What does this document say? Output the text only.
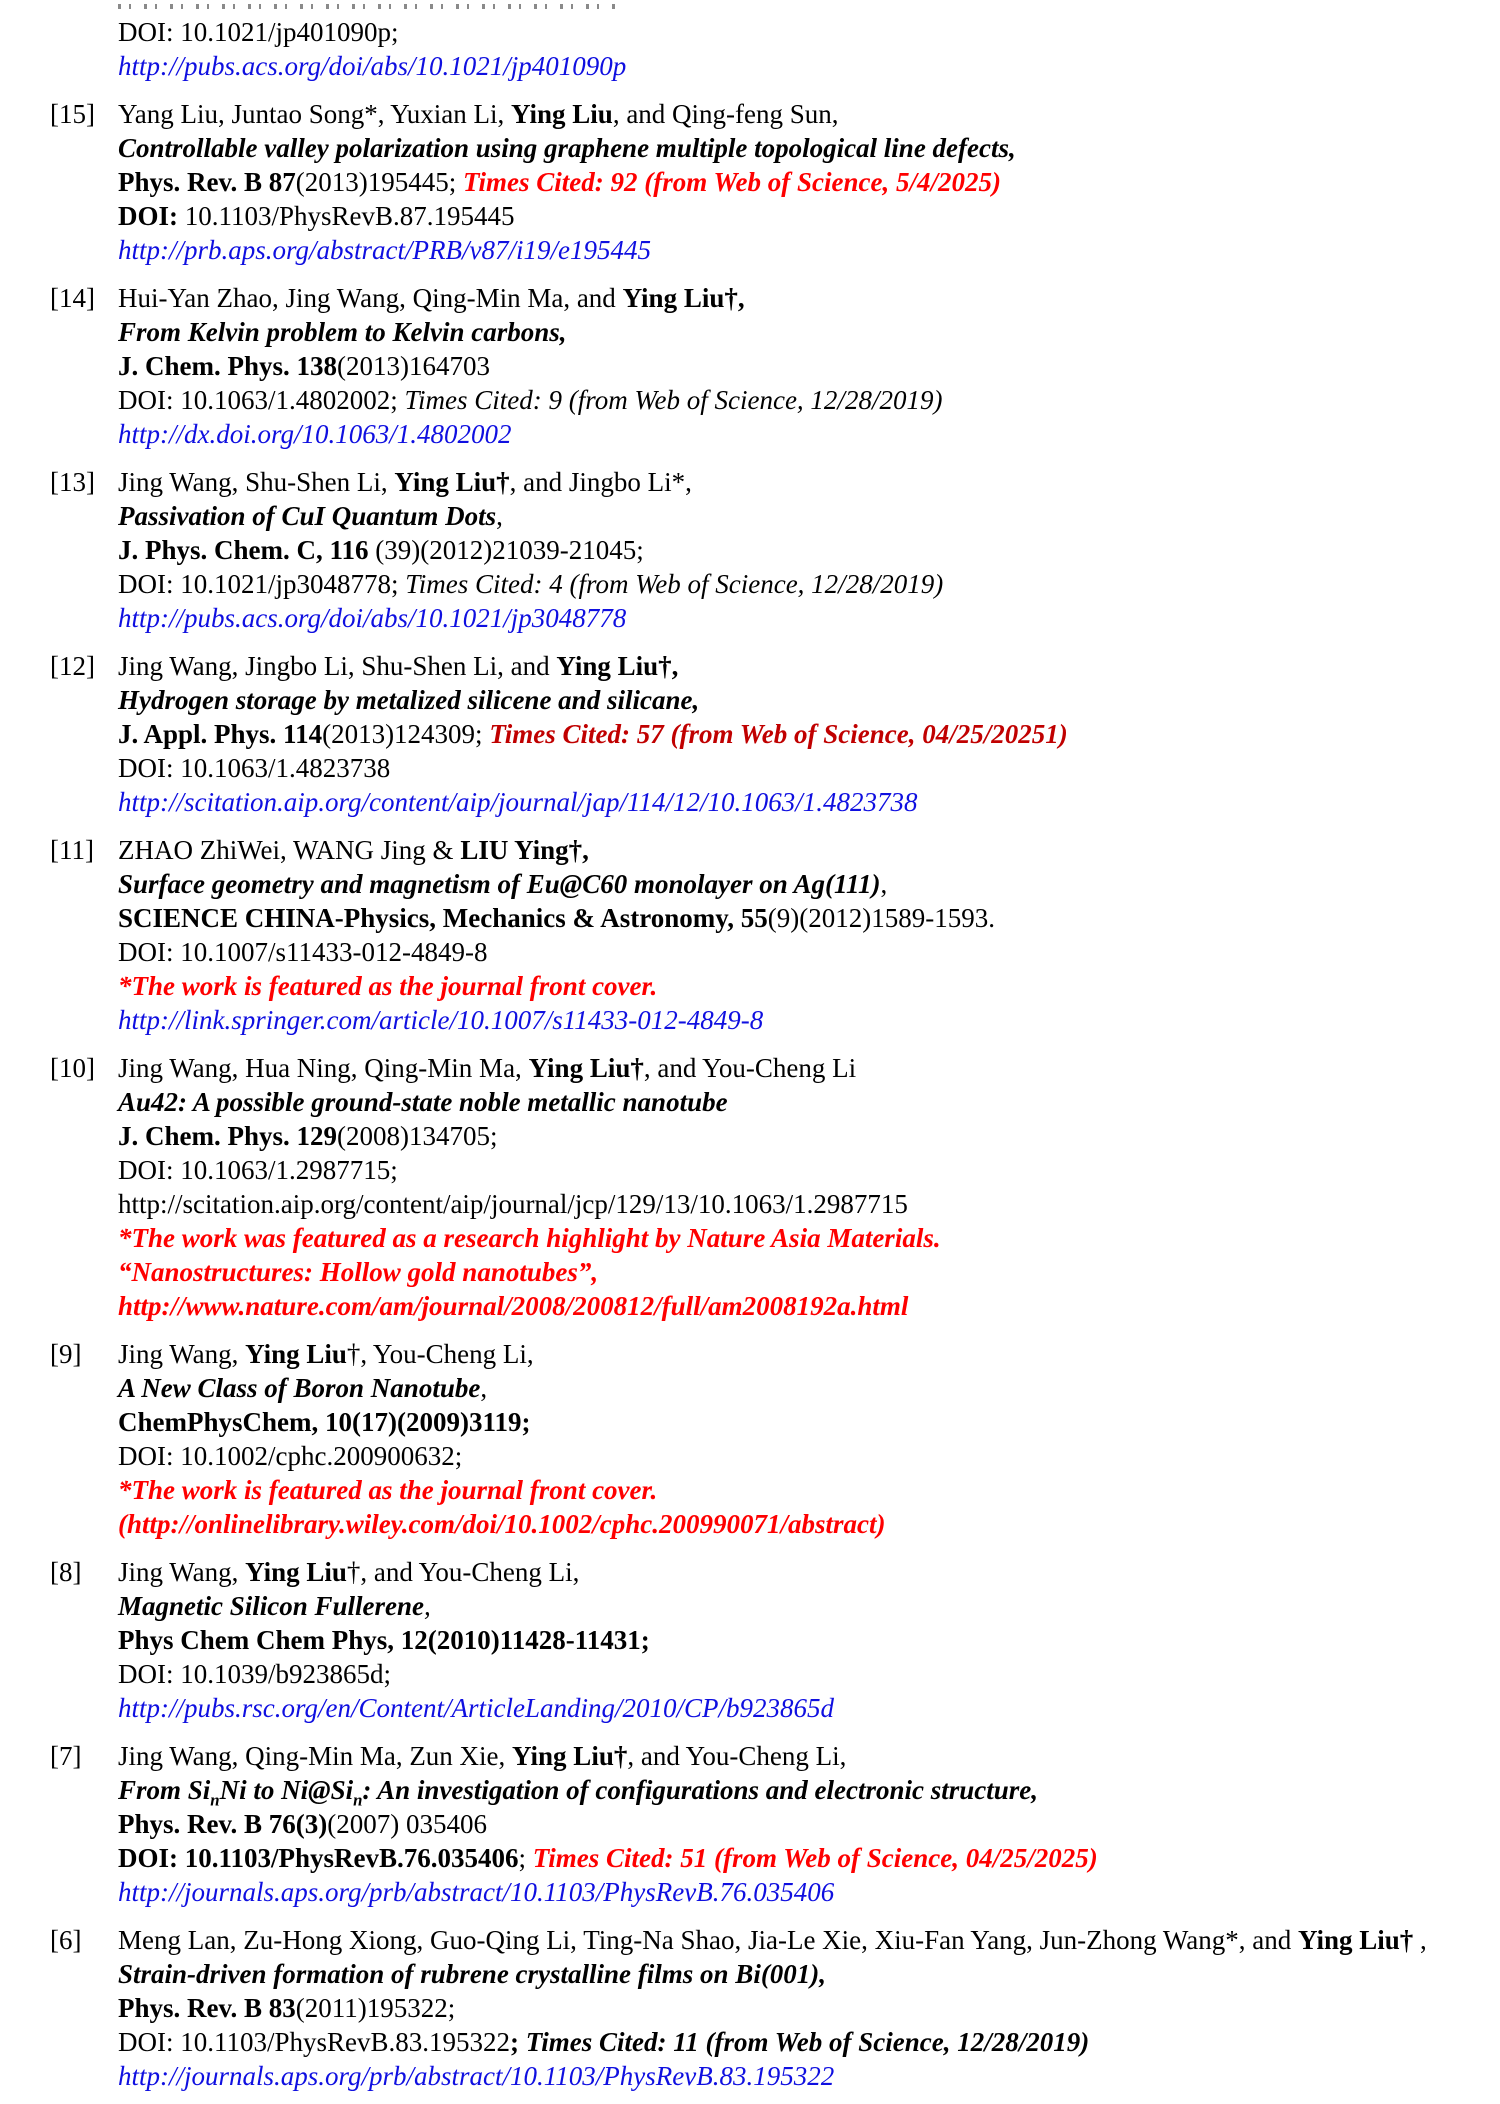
DOI: 10.1021/jp401090p;
http://pubs.acs.org/doi/abs/10.1021/jp401090p
[15] Yang Liu, Juntao Song*, Yuxian Li, Ying Liu, and Qing-feng Sun,
Controllable valley polarization using graphene multiple topological line defects,
Phys. Rev. B 87(2013)195445; Times Cited: 92 (from Web of Science, 5/4/2025)
DOI: 10.1103/PhysRevB.87.195445
http://prb.aps.org/abstract/PRB/v87/i19/e195445
[14] Hui-Yan Zhao, Jing Wang, Qing-Min Ma, and Ying Liu†,
From Kelvin problem to Kelvin carbons,
J. Chem. Phys. 138(2013)164703
DOI: 10.1063/1.4802002; Times Cited: 9 (from Web of Science, 12/28/2019)
http://dx.doi.org/10.1063/1.4802002
[13] Jing Wang, Shu-Shen Li, Ying Liu†, and Jingbo Li*,
Passivation of CuI Quantum Dots,
J. Phys. Chem. C, 116 (39)(2012)21039-21045;
DOI: 10.1021/jp3048778; Times Cited: 4 (from Web of Science, 12/28/2019)
http://pubs.acs.org/doi/abs/10.1021/jp3048778
[12] Jing Wang, Jingbo Li, Shu-Shen Li, and Ying Liu†,
Hydrogen storage by metalized silicene and silicane,
J. Appl. Phys. 114(2013)124309; Times Cited: 57 (from Web of Science, 04/25/20251)
DOI: 10.1063/1.4823738
http://scitation.aip.org/content/aip/journal/jap/114/12/10.1063/1.4823738
[11] ZHAO ZhiWei, WANG Jing & LIU Ying†,
Surface geometry and magnetism of Eu@C60 monolayer on Ag(111),
SCIENCE CHINA-Physics, Mechanics & Astronomy, 55(9)(2012)1589-1593.
DOI: 10.1007/s11433-012-4849-8
*The work is featured as the journal front cover.
http://link.springer.com/article/10.1007/s11433-012-4849-8
[10] Jing Wang, Hua Ning, Qing-Min Ma, Ying Liu†, and You-Cheng Li
Au42: A possible ground-state noble metallic nanotube
J. Chem. Phys. 129(2008)134705;
DOI: 10.1063/1.2987715;
http://scitation.aip.org/content/aip/journal/jcp/129/13/10.1063/1.2987715
*The work was featured as a research highlight by Nature Asia Materials.
“Nanostructures: Hollow gold nanotubes”,
http://www.nature.com/am/journal/2008/200812/full/am2008192a.html
[9]	Jing Wang, Ying Liu†, You-Cheng Li,
A New Class of Boron Nanotube,
ChemPhysChem, 10(17)(2009)3119;
DOI: 10.1002/cphc.200900632;
*The work is featured as the journal front cover.
(http://onlinelibrary.wiley.com/doi/10.1002/cphc.200990071/abstract)
[8]	Jing Wang, Ying Liu†, and You-Cheng Li,
Magnetic Silicon Fullerene,
Phys Chem Chem Phys, 12(2010)11428-11431;
DOI: 10.1039/b923865d;
http://pubs.rsc.org/en/Content/ArticleLanding/2010/CP/b923865d
[7]	Jing Wang, Qing-Min Ma, Zun Xie, Ying Liu†, and You-Cheng Li,
From $Si_nNi$ to $Ni@Si_n$: An investigation of configurations and electronic structure,
Phys. Rev. B 76(3)(2007) 035406
DOI: 10.1103/PhysRevB.76.035406; Times Cited: 51 (from Web of Science, 04/25/2025)
http://journals.aps.org/prb/abstract/10.1103/PhysRevB.76.035406
[6]	Meng Lan, Zu-Hong Xiong, Guo-Qing Li, Ting-Na Shao, Jia-Le Xie, Xiu-Fan Yang, Jun-Zhong Wang*, and Ying Liu† ,
Strain-driven formation of rubrene crystalline films on Bi(001),
Phys. Rev. B 83(2011)195322;
DOI: 10.1103/PhysRevB.83.195322; Times Cited: 11 (from Web of Science, 12/28/2019)
http://journals.aps.org/prb/abstract/10.1103/PhysRevB.83.195322
